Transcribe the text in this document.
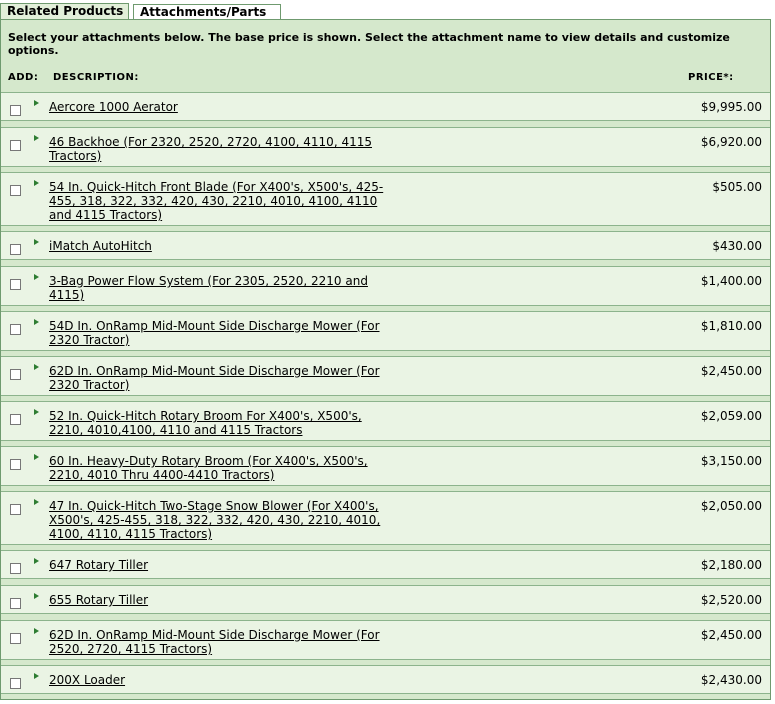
Related Products	Attachments/Parts
Select your attachments below. The base price is shown. Select the attachment name to view details and customize options.
ADD: DESCRIPTION:	PRICE*:
Aercore 1000 Aerator	$9,995.00
46 Backhoe (For 2320, 2520, 2720, 4100, 4110, 4115 Tractors)
$6,920.00
54 In. Quick-Hitch Front Blade (For X400's, X500's, 425-455, 318, 322, 332, 420, 430, 2210, 4010, 4100, 4110 and 4115 Tractors)
$505.00
iMatch AutoHitch	$430.00
3-Bag Power Flow System (For 2305, 2520, 2210 and 4115)
$1,400.00
54D In. OnRamp Mid-Mount Side Discharge Mower (For 2320 Tractor)
$1,810.00
62D In. OnRamp Mid-Mount Side Discharge Mower (For 2320 Tractor)
$2,450.00
52 In. Quick-Hitch Rotary Broom For X400's, X500's, 2210, 4010,4100, 4110 and 4115 Tractors
$2,059.00
60 In. Heavy-Duty Rotary Broom (For X400's, X500's, 2210, 4010 Thru 4400-4410 Tractors)
$3,150.00
47 In. Quick-Hitch Two-Stage Snow Blower (For X400's, X500's, 425-455, 318, 322, 332, 420, 430, 2210, 4010, 4100, 4110, 4115 Tractors)
$2,050.00
647 Rotary Tiller	$2,180.00
655 Rotary Tiller	$2,520.00
62D In. OnRamp Mid-Mount Side Discharge Mower (For 2520, 2720, 4115 Tractors)
$2,450.00
200X Loader	$2,430.00
